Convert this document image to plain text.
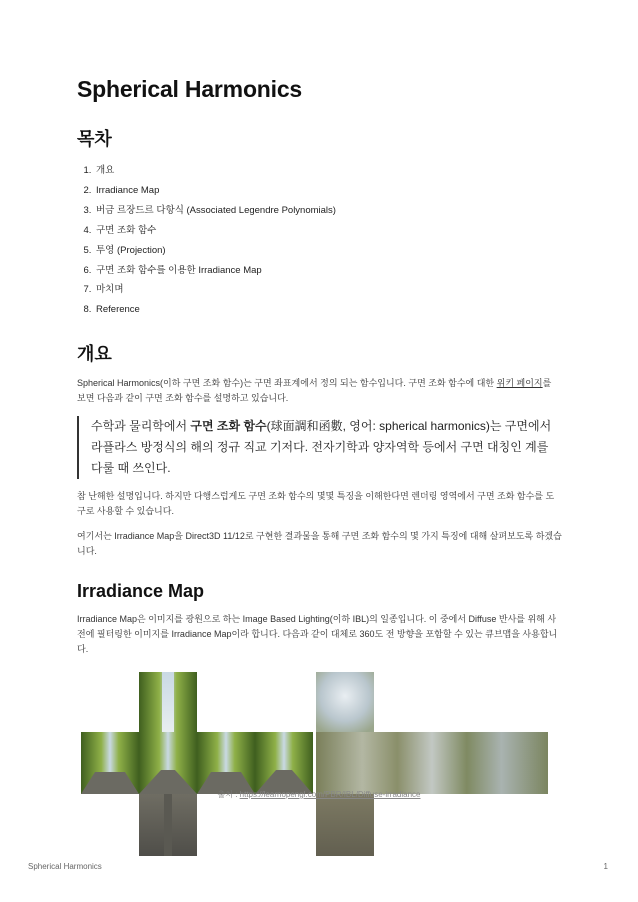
Spherical Harmonics
목차
1. 개요
2. Irradiance Map
3. 버금 르장드르 다항식 (Associated Legendre Polynomials)
4. 구면 조화 함수
5. 투영 (Projection)
6. 구면 조화 함수를 이용한 Irradiance Map
7. 마치며
8. Reference
개요

Spherical Harmonics(이하 구면 조화 함수)는 구면 좌표계에서 정의 되는 함수입니다. 구면 조화 함수에 대한 위키 페이지를 보면 다음과 같이 구면 조화 함수를 설명하고 있습니다.

수학과 물리학에서 구면 조화 함수(球面調和函數, 영어: spherical harmonics)는 구면에서 라플라스 방정식의 해의 정규 직교 기저다. 전자기학과 양자역학 등에서 구면 대칭인 계를 다룰 때 쓰인다.

참 난해한 설명입니다. 하지만 다행스럽게도 구면 조화 함수의 몇몇 특징을 이해한다면 렌더링 영역에서 구면 조화 함수를 도구로 사용할 수 있습니다.

여기서는 Irradiance Map을 Direct3D 11/12로 구현한 결과물을 통해 구면 조화 함수의 몇 가지 특징에 대해 살펴보도록 하겠습니다.

Irradiance Map

Irradiance Map은 이미지를 광원으로 하는 Image Based Lighting(이하 IBL)의 일종입니다. 이 중에서 Diffuse 반사를 위해 사전에 필터링한 이미지를 Irradiance Map이라 합니다. 다음과 같이 대체로 360도 전 방향을 포함할 수 있는 큐브맵을 사용합니다.

출처 : https://learnopengl.com/PBR/IBL/Diffuse-irradiance
Spherical Harmonics	1
